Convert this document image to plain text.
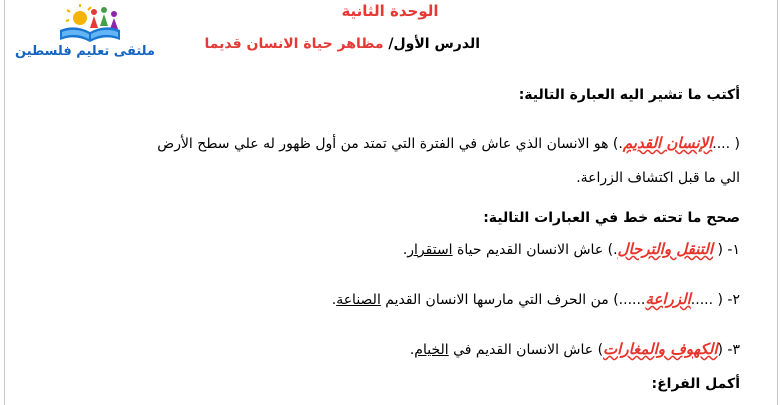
ملتقى تعليم فلسطين
الوحدة الثانية
الدرس الأول/ مظاهر حياة الانسان قديما
أكتب ما تشير اليه العبارة التالية:
( ....الإنسان القديم.) هو الانسان الذي عاش في الفترة التي تمتد من أول ظهور له علي سطح الأرض
الي ما قبل اكتشاف الزراعة.
صحح ما تحته خط في العبارات التالية:
١- ( التنقل والترحال.) عاش الانسان القديم حياة استقرار.
٢- ( .....الزراعة......) من الحرف التي مارسها الانسان القديم الصناعة.
٣- (الكهوف والمغارات) عاش الانسان القديم في الخيام.
أكمل الفراغ:
